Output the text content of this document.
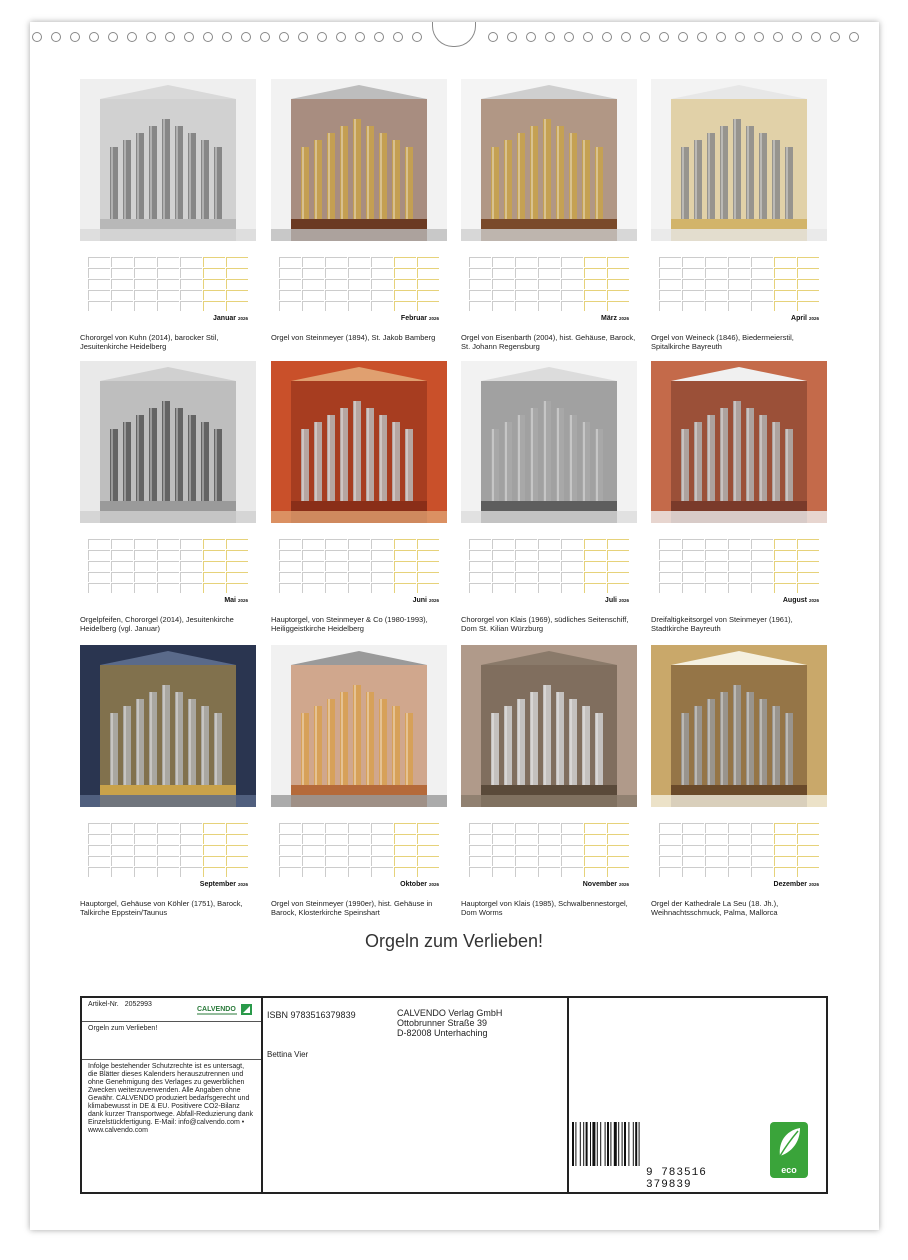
Januar 2026
Chororgel von Kuhn (2014), barocker Stil, Jesuitenkirche Heidelberg
Februar 2026
Orgel von Steinmeyer (1894), St. Jakob Bamberg
März 2026
Orgel von Eisenbarth (2004), hist. Gehäuse, Barock, St. Johann Regensburg
April 2026
Orgel von Weineck (1846), Biedermeierstil, Spitalkirche Bayreuth
Mai 2026
Orgelpfeifen, Chororgel (2014), Jesuitenkirche Heidelberg (vgl. Januar)
Juni 2026
Hauptorgel, von Steinmeyer & Co (1980-1993), Heiliggeistkirche Heidelberg
Juli 2026
Chororgel von Klais (1969), südliches Seitenschiff, Dom St. Kilian Würzburg
August 2026
Dreifaltigkeitsorgel von Steinmeyer (1961), Stadtkirche Bayreuth
September 2026
Hauptorgel, Gehäuse von Köhler (1751), Barock, Talkirche Eppstein/Taunus
Oktober 2026
Orgel von Steinmeyer (1990er), hist. Gehäuse in Barock, Klosterkirche Speinshart
November 2026
Hauptorgel von Klais (1985), Schwalbennestorgel, Dom Worms
Dezember 2026
Orgel der Kathedrale La Seu (18. Jh.), Weihnachtsschmuck, Palma, Mallorca
Orgeln zum Verlieben!
Artikel-Nr. 2052993
CALVENDO
Orgeln zum Verlieben!
Infolge bestehender Schutzrechte ist es untersagt, die Blätter dieses Kalenders herauszutrennen und ohne Genehmigung des Verlages zu gewerblichen Zwecken weiterzuverwenden. Alle Angaben ohne Gewähr. CALVENDO produziert bedarfsgerecht und klimabewusst in DE & EU. Positivere CO2-Bilanz dank kurzer Transportwege. Abfall-Reduzierung dank Einzelstückfertigung. E-Mail: info@calvendo.com • www.calvendo.com
ISBN 9783516379839
Bettina Vier
CALVENDO Verlag GmbH
Ottobrunner Straße 39
D-82008 Unterhaching
9 783516 379839
eco
